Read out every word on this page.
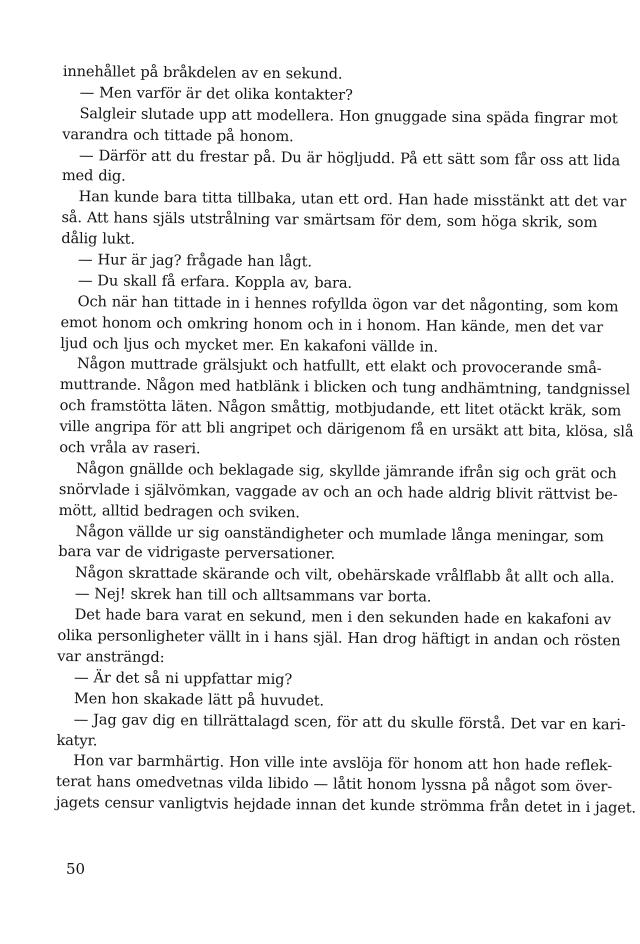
innehållet på bråkdelen av en sekund.
— Men varför är det olika kontakter?
Salgleir slutade upp att modellera. Hon gnuggade sina späda fingrar mot
varandra och tittade på honom.
— Därför att du frestar på. Du är högljudd. På ett sätt som får oss att lida
med dig.
Han kunde bara titta tillbaka, utan ett ord. Han hade misstänkt att det var
så. Att hans själs utstrålning var smärtsam för dem, som höga skrik, som
dålig lukt.
— Hur är jag? frågade han lågt.
— Du skall få erfara. Koppla av, bara.
Och när han tittade in i hennes rofyllda ögon var det någonting, som kom
emot honom och omkring honom och in i honom. Han kände, men det var
ljud och ljus och mycket mer. En kakafoni vällde in.
Någon muttrade grälsjukt och hatfullt, ett elakt och provocerande små-
muttrande. Någon med hatblänk i blicken och tung andhämtning, tandgnissel
och framstötta läten. Någon småttig, motbjudande, ett litet otäckt kräk, som
ville angripa för att bli angripet och därigenom få en ursäkt att bita, klösa, slå
och vråla av raseri.
Någon gnällde och beklagade sig, skyllde jämrande ifrån sig och grät och
snörvlade i självömkan, vaggade av och an och hade aldrig blivit rättvist be-
mött, alltid bedragen och sviken.
Någon vällde ur sig oanständigheter och mumlade långa meningar, som
bara var de vidrigaste perversationer.
Någon skrattade skärande och vilt, obehärskade vrålflabb åt allt och alla.
— Nej! skrek han till och alltsammans var borta.
Det hade bara varat en sekund, men i den sekunden hade en kakafoni av
olika personligheter vällt in i hans själ. Han drog häftigt in andan och rösten
var ansträngd:
— Är det så ni uppfattar mig?
Men hon skakade lätt på huvudet.
— Jag gav dig en tillrättalagd scen, för att du skulle förstå. Det var en kari-
katyr.
Hon var barmhärtig. Hon ville inte avslöja för honom att hon hade reflek-
terat hans omedvetnas vilda libido — låtit honom lyssna på något som över-
jagets censur vanligtvis hejdade innan det kunde strömma från detet in i jaget.
50
